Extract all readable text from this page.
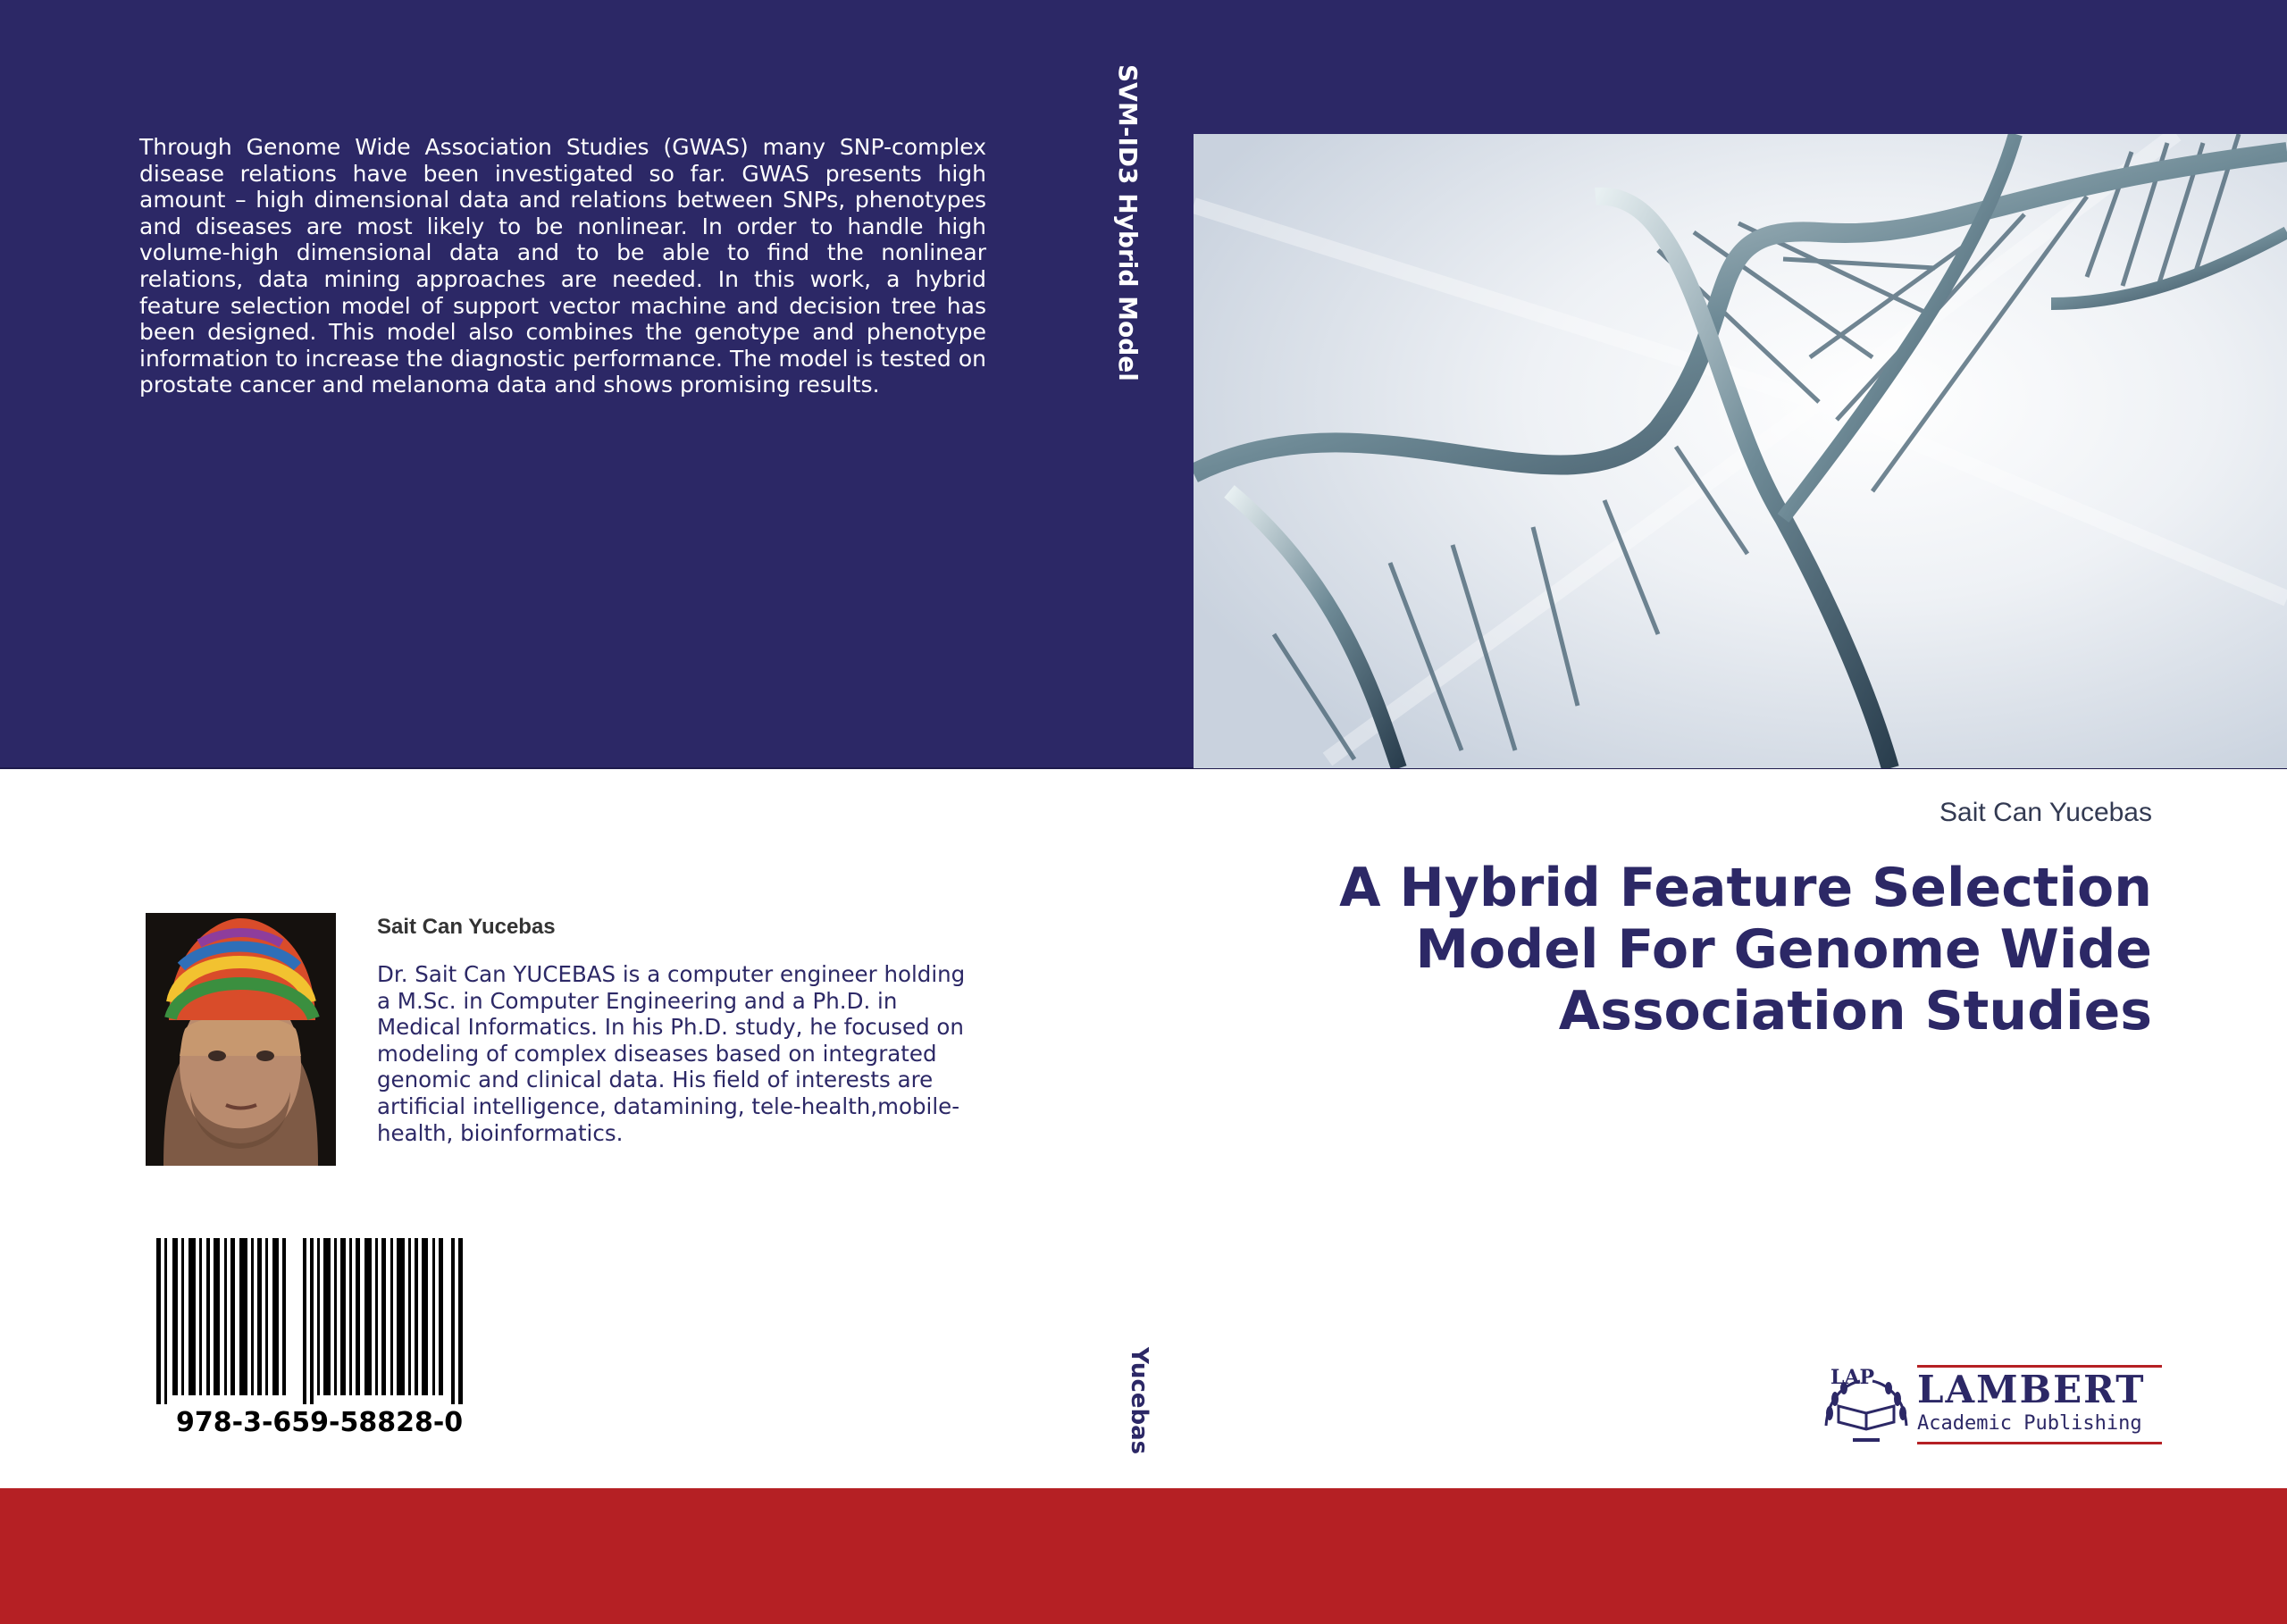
Through Genome Wide Association Studies (GWAS) many SNP-complex disease relations have been investigated so far. GWAS presents high amount – high dimensional data and relations between SNPs, phenotypes and diseases are most likely to be nonlinear. In order to handle high volume-high dimensional data and to be able to find the nonlinear relations, data mining approaches are needed. In this work, a hybrid feature selection model of support vector machine and decision tree has been designed. This model also combines the genotype and phenotype information to increase the diagnostic performance. The model is tested on prostate cancer and melanoma data and shows promising results.

SVM-ID3 Hybrid Model
Yucebas
Sait Can Yucebas
A Hybrid Feature Selection Model For Genome Wide Association Studies
Sait Can Yucebas

Dr. Sait Can YUCEBAS is a computer engineer holding a M.Sc. in Computer Engineering and a Ph.D. in Medical Informatics. In his Ph.D. study, he focused on modeling of complex diseases based on integrated genomic and clinical data. His field of interests are artificial intelligence, datamining, tele-health,mobile-health, bioinformatics.

978-3-659-58828-0
LAP LAMBERT
Academic Publishing
